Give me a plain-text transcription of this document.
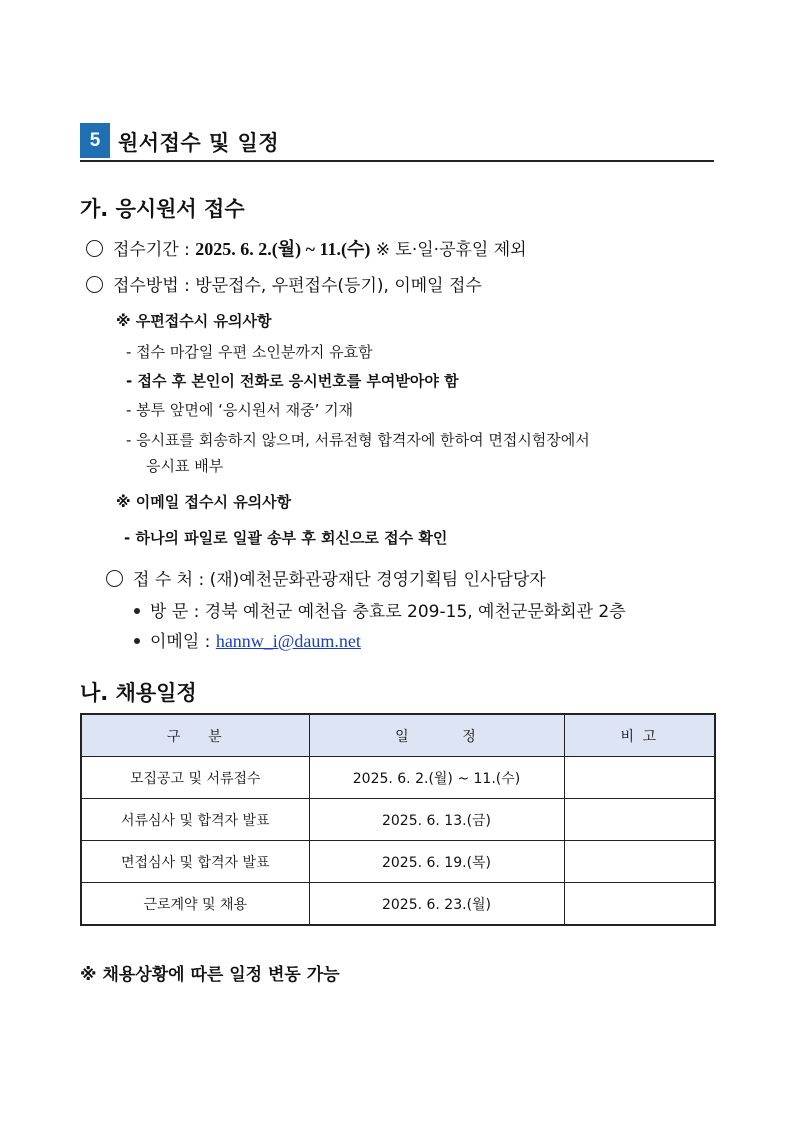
5 원서접수 및 일정
가. 응시원서 접수
접수기간 : 2025. 6. 2.(월) ~ 11.(수) ※ 토·일·공휴일 제외
접수방법 : 방문접수, 우편접수(등기), 이메일 접수
※ 우편접수시 유의사항
- 접수 마감일 우편 소인분까지 유효함
- 접수 후 본인이 전화로 응시번호를 부여받아야 함
- 봉투 앞면에 ‘응시원서 재중’ 기재
- 응시표를 회송하지 않으며, 서류전형 합격자에 한하여 면접시험장에서
응시표 배부
※ 이메일 접수시 유의사항
- 하나의 파일로 일괄 송부 후 회신으로 접수 확인
접 수 처 : (재)예천문화관광재단 경영기획팀 인사담당자
방 문 : 경북 예천군 예천읍 충효로 209-15, 예천군문화회관 2층
이메일 : hannw_i@daum.net
나. 채용일정
구    분	일        정	비 고
모집공고 및 서류접수	2025. 6. 2.(월) ~ 11.(수)	
서류심사 및 합격자 발표	2025. 6. 13.(금)	
면접심사 및 합격자 발표	2025. 6. 19.(목)	
근로계약 및 채용	2025. 6. 23.(월)	
※ 채용상황에 따른 일정 변동 가능
